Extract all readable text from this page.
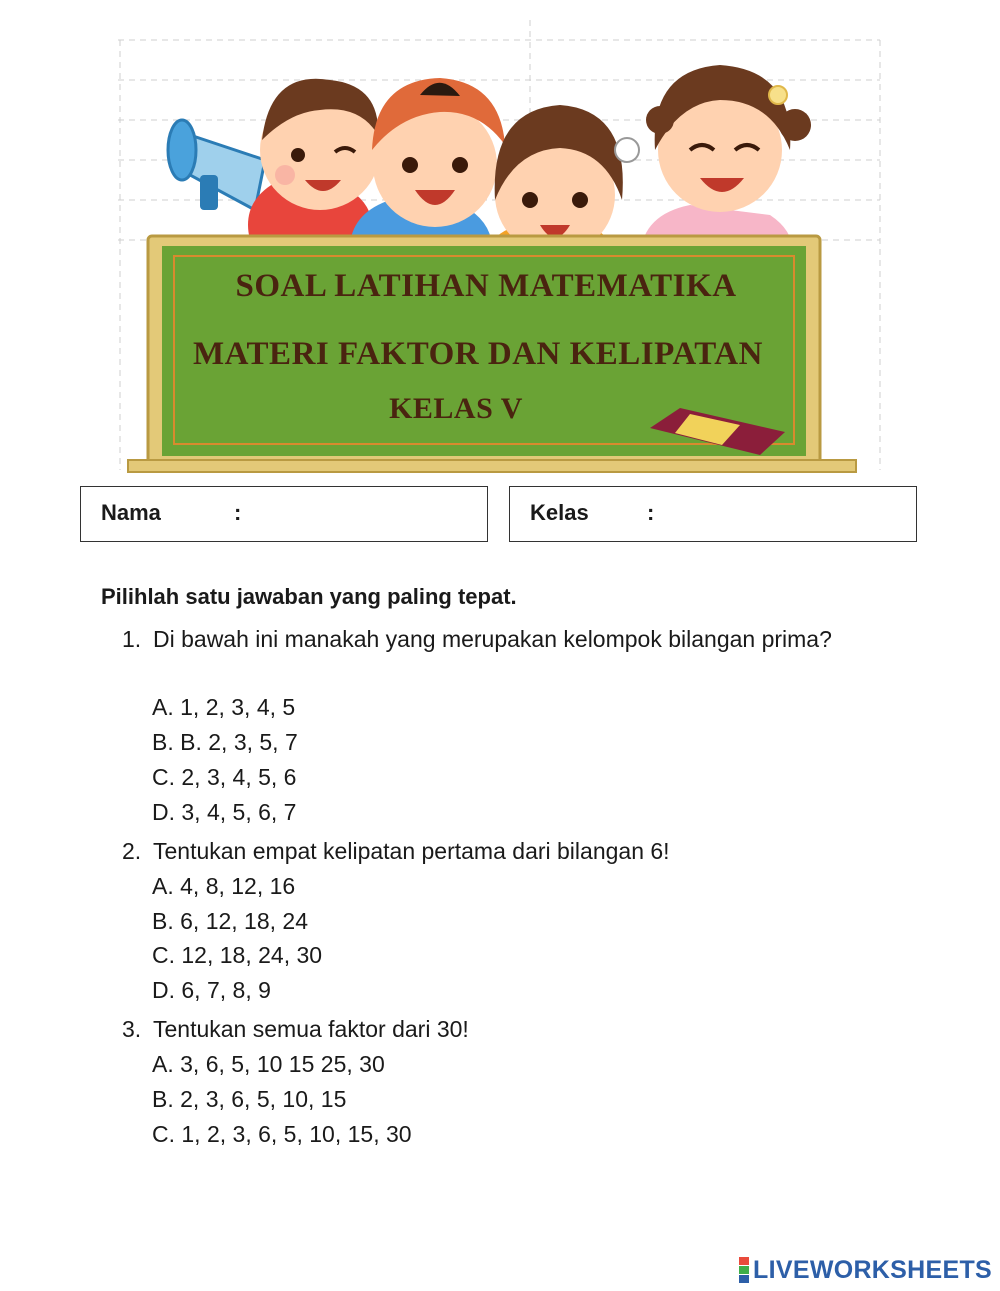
SOAL LATIHAN MATEMATIKA
MATERI FAKTOR DAN KELIPATAN
KELAS V
Nama	:	Kelas	:
Pilihlah satu jawaban yang paling tepat.
1. Di bawah ini manakah yang merupakan kelompok bilangan prima?
A. 1, 2, 3, 4, 5
B. B. 2, 3, 5, 7
C. 2, 3, 4, 5, 6
D. 3, 4, 5, 6, 7
2. Tentukan empat kelipatan pertama dari bilangan 6!
A. 4, 8, 12, 16
B. 6, 12, 18, 24
C. 12, 18, 24, 30
D. 6, 7, 8, 9
3. Tentukan semua faktor dari 30!
A. 3, 6, 5, 10 15 25, 30
B. 2, 3, 6, 5, 10, 15
C. 1, 2, 3, 6, 5, 10, 15, 30
LIVEWORKSHEETS
